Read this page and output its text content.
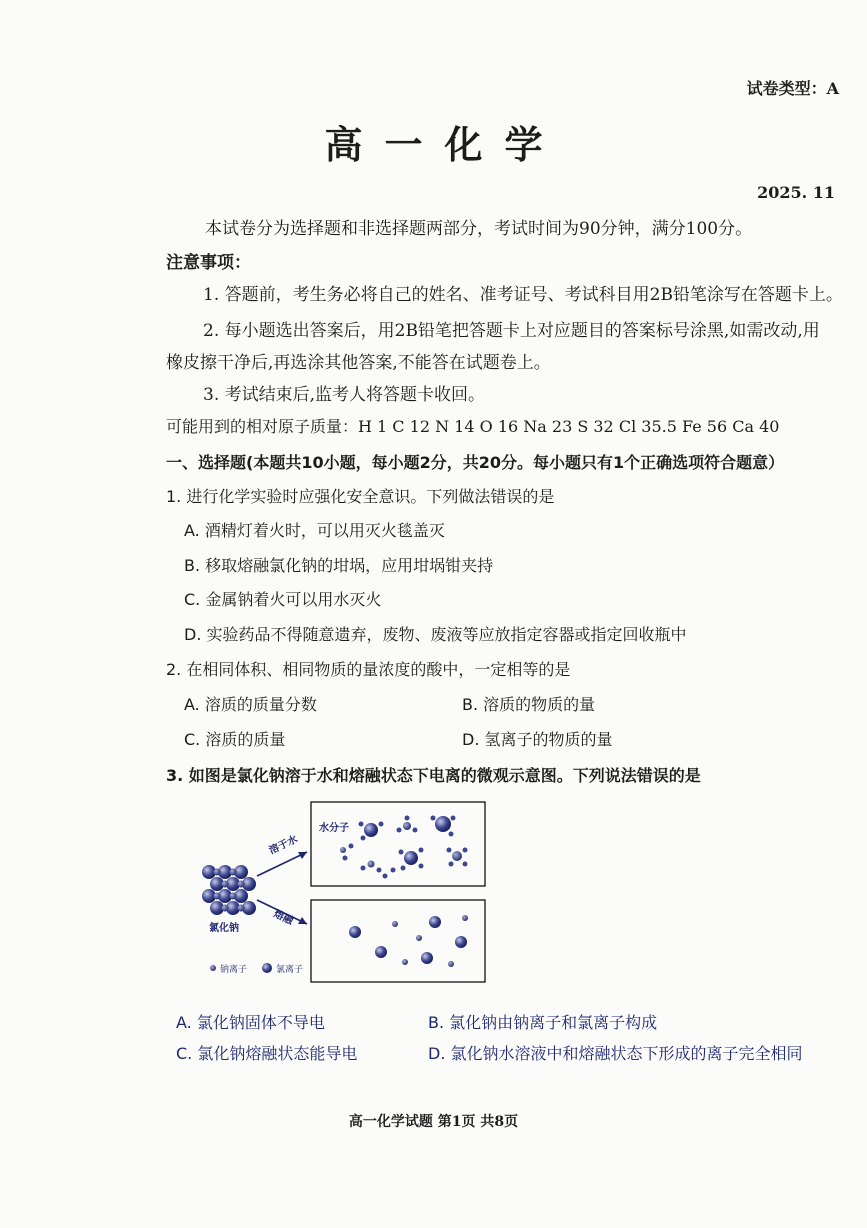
试卷类型：A
高一化学
2025. 11
本试卷分为选择题和非选择题两部分，考试时间为90分钟，满分100分。
注意事项：
1. 答题前，考生务必将自己的姓名、准考证号、考试科目用2B铅笔涂写在答题卡上。
2. 每小题选出答案后，用2B铅笔把答题卡上对应题目的答案标号涂黑,如需改动,用
橡皮擦干净后,再选涂其他答案,不能答在试题卷上。
3. 考试结束后,监考人将答题卡收回。
可能用到的相对原子质量：H 1 C 12 N 14 O 16 Na 23 S 32 Cl 35.5 Fe 56 Ca 40
一、选择题(本题共10小题，每小题2分，共20分。每小题只有1个正确选项符合题意）
1. 进行化学实验时应强化安全意识。下列做法错误的是
A. 酒精灯着火时，可以用灭火毯盖灭
B. 移取熔融氯化钠的坩埚，应用坩埚钳夹持
C. 金属钠着火可以用水灭火
D. 实验药品不得随意遗弃，废物、废液等应放指定容器或指定回收瓶中
2. 在相同体积、相同物质的量浓度的酸中，一定相等的是
A. 溶质的质量分数	B. 溶质的物质的量
C. 溶质的质量	D. 氢离子的物质的量
3. 如图是氯化钠溶于水和熔融状态下电离的微观示意图。下列说法错误的是
氯化钠
溶于水
熔融
水分子
钠离子	氯离子
A. 氯化钠固体不导电	B. 氯化钠由钠离子和氯离子构成
C. 氯化钠熔融状态能导电	D. 氯化钠水溶液中和熔融状态下形成的离子完全相同
高一化学试题 第1页 共8页
